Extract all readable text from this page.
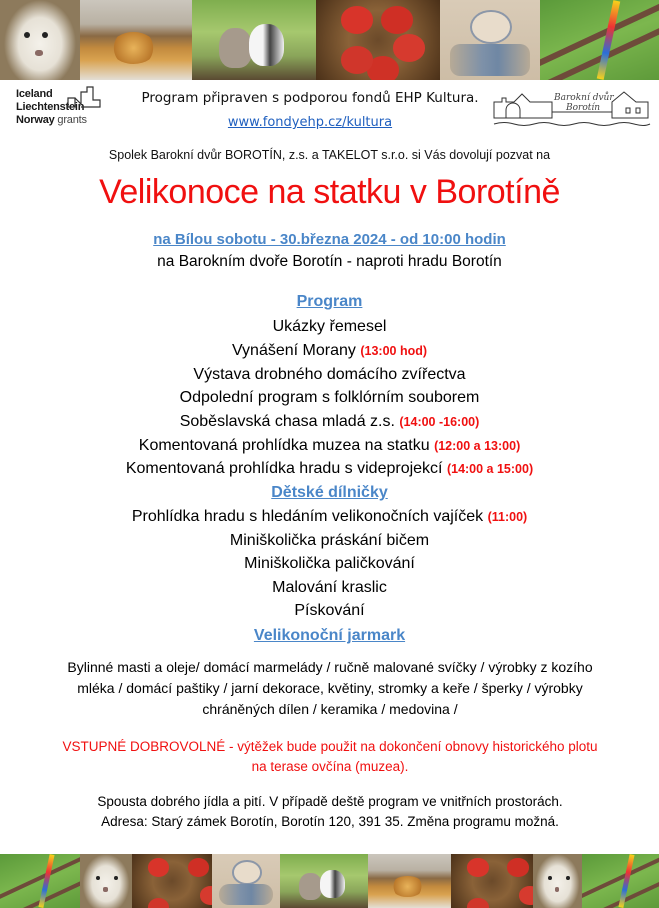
Iceland
Liechtenstein
Norway grants
Program připraven s podporou fondů EHP Kultura.
www.fondyehp.cz/kultura
Barokní dvůr
Borotín
Spolek Barokní dvůr BOROTÍN, z.s. a TAKELOT s.r.o. si Vás dovolují pozvat na
Velikonoce na statku v Borotíně
na Bílou sobotu - 30.března 2024 - od 10:00 hodin
na Barokním dvoře Borotín - naproti hradu Borotín
Program
Ukázky řemesel
Vynášení Morany (13:00 hod)
Výstava drobného domácího zvířectva
Odpolední program s folklórním souborem
Soběslavská chasa mladá z.s. (14:00 -16:00)
Komentovaná prohlídka muzea na statku (12:00 a 13:00)
Komentovaná prohlídka hradu s videprojekcí (14:00 a 15:00)
Dětské dílničky
Prohlídka hradu s hledáním velikonočních vajíček (11:00)
Miniškolička práskání bičem
Miniškolička paličkování
Malování kraslic
Pískování
Velikonoční jarmark
Bylinné masti a oleje/ domácí marmelády / ručně malované svíčky / výrobky z kozího mléka / domácí paštiky / jarní dekorace, květiny, stromky a keře / šperky / výrobky chráněných dílen / keramika / medovina /
VSTUPNÉ DOBROVOLNÉ - výtěžek bude použit na dokončení obnovy historického plotu na terase ovčína (muzea).
Spousta dobrého jídla a pití. V případě deště program ve vnitřních prostorách.
Adresa: Starý zámek Borotín, Borotín 120, 391 35. Změna programu možná.
